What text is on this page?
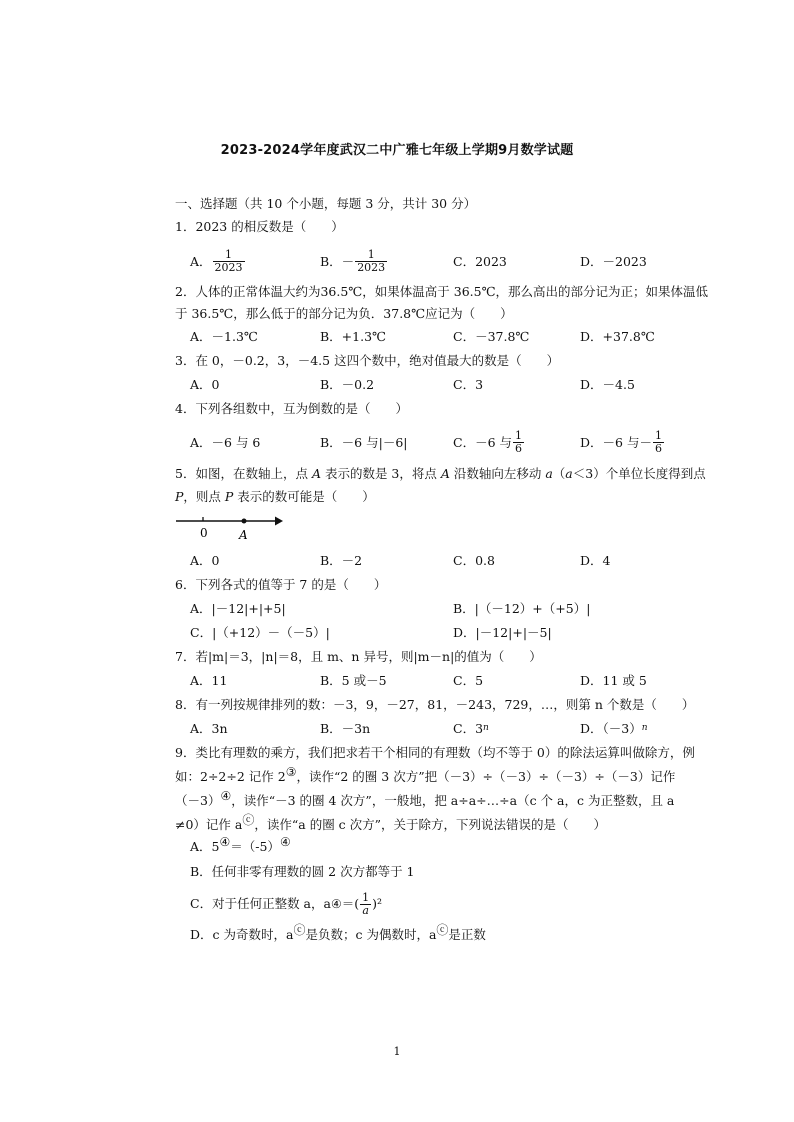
2023-2024学年度武汉二中广雅七年级上学期9月数学试题
一、选择题（共 10 个小题，每题 3 分，共计 30 分）
1．2023 的相反数是（　　）
A． $\frac{1}{2023}$	B．－ $\frac{1}{2023}$	C．2023	D．－2023
2．人体的正常体温大约为36.5℃，如果体温高于 36.5℃，那么高出的部分记为正；如果体温低
于 36.5℃，那么低于的部分记为负．37.8℃应记为（　　）
A．－1.3℃	B．+1.3℃	C．－37.8℃	D．+37.8℃
3．在 0，－0.2，3，－4.5 这四个数中，绝对值最大的数是（　　）
A．0	B．－0.2	C．3	D．－4.5
4．下列各组数中，互为倒数的是（　　）
A．－6 与 6	B．－6 与|－6|	C．－6 与 $\frac{1}{6}$	D．－6 与－ $\frac{1}{6}$
5．如图，在数轴上，点 A 表示的数是 3，将点 A 沿数轴向左移动 a（a＜3）个单位长度得到点
P，则点 P 表示的数可能是（　　）
0	A
A．0	B．－2	C．0.8	D．4
6．下列各式的值等于 7 的是（　　）
A．|－12|+|+5|	B．|（－12）+（+5）|
C．|（+12）－（－5）|	D．|－12|+|－5|
7．若|m|＝3，|n|＝8，且 m、n 异号，则|m－n|的值为（　　）
A．11	B．5 或－5	C．5	D．11 或 5
8．有一列按规律排列的数：－3，9，－27，81，－243，729，…，则第 n 个数是（　　）
A．3n	B．－3n	C．3 n	D．（－3） n
9．类比有理数的乘方，我们把求若干个相同的有理数（均不等于 0）的除法运算叫做除方，例
如：2÷2÷2 记作 2③，读作“2 的圈 3 次方”把（－3）÷（－3）÷（－3）÷（－3）记作
（－3）④，读作“－3 的圈 4 次方”，一般地，把 a÷a÷…÷a（c 个 a，c 为正整数，且 a
≠0）记作 aⓒ，读作“a 的圈 c 次方”，关于除方，下列说法错误的是（　　）
A．5④＝（-5）④
B．任何非零有理数的圆 2 次方都等于 1
C．对于任何正整数 a，a ④ ＝( $\frac{1}{a} )^2$
D．c 为奇数时，aⓒ是负数；c 为偶数时，aⓒ是正数
1
